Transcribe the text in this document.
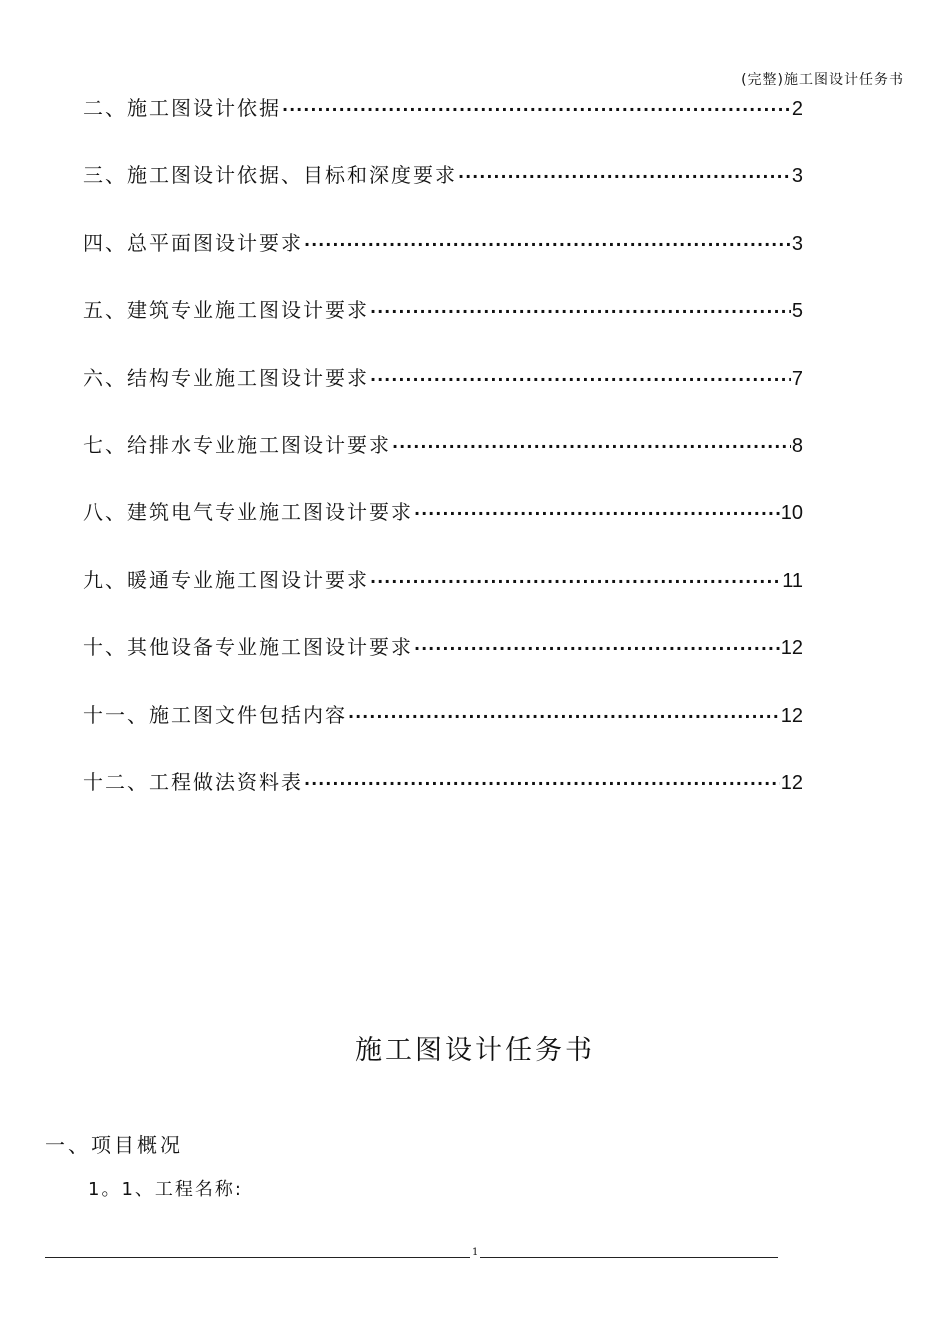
(完整)施工图设计任务书
二、施工图设计依据 ·····	2
三、施工图设计依据、目标和深度要求 ·····	3
四、总平面图设计要求 ·····	3
五、建筑专业施工图设计要求 ·····	5
六、结构专业施工图设计要求 ·····	7
七、给排水专业施工图设计要求 ·····	8
八、建筑电气专业施工图设计要求 ·····	10
九、暖通专业施工图设计要求 ·····	11
十、其他设备专业施工图设计要求 ·····	12
十一、施工图文件包括内容 ·····	12
十二、工程做法资料表 ·····	12
施工图设计任务书
一、项目概况
1。1、工程名称:
1
